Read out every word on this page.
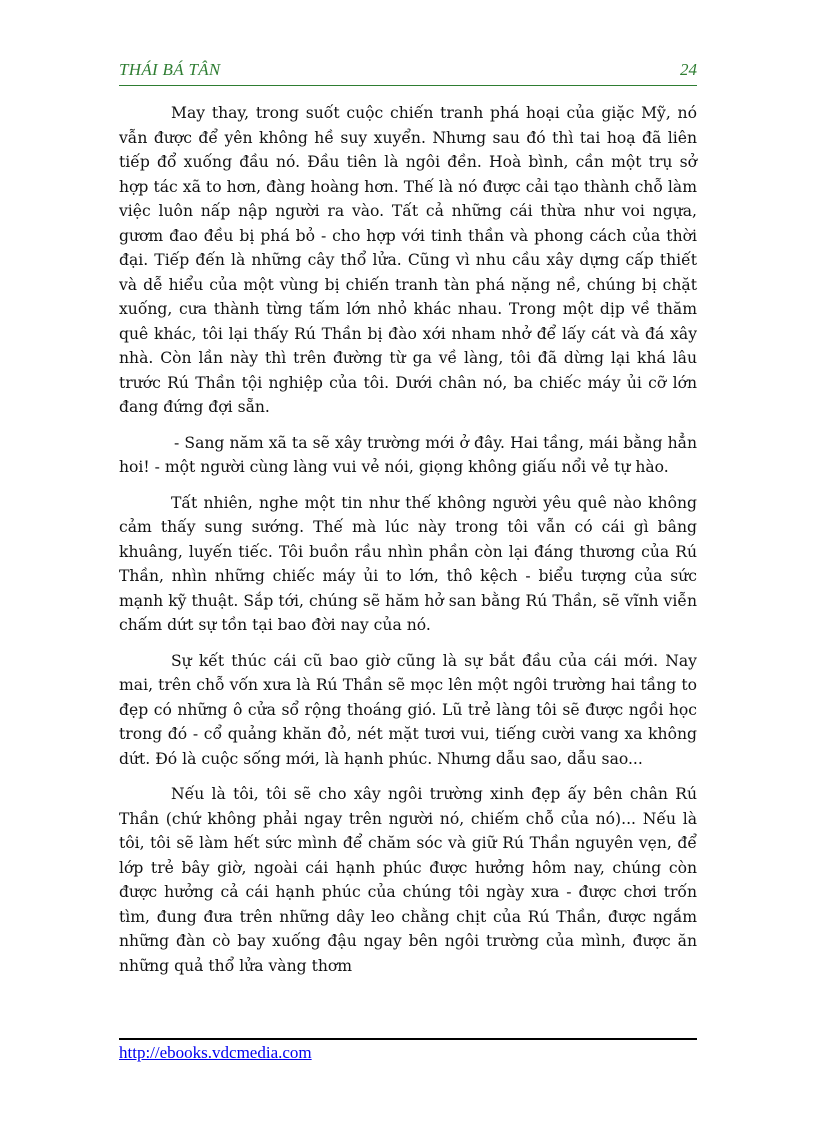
THÁI BÁ TÂN	24

May thay, trong suốt cuộc chiến tranh phá hoại của giặc Mỹ, nó vẫn được để yên không hề suy xuyển. Nhưng sau đó thì tai hoạ đã liên tiếp đổ xuống đầu nó. Đầu tiên là ngôi đền. Hoà bình, cần một trụ sở hợp tác xã to hơn, đàng hoàng hơn. Thế là nó được cải tạo thành chỗ làm việc luôn nấp nập người ra vào. Tất cả những cái thừa như voi ngựa, gươm đao đều bị phá bỏ - cho hợp với tinh thần và phong cách của thời đại. Tiếp đến là những cây thổ lửa. Cũng vì nhu cầu xây dựng cấp thiết và dễ hiểu của một vùng bị chiến tranh tàn phá nặng nề, chúng bị chặt xuống, cưa thành từng tấm lớn nhỏ khác nhau. Trong một dịp về thăm quê khác, tôi lại thấy Rú Thần bị đào xới nham nhở để lấy cát và đá xây nhà. Còn lần này thì trên đường từ ga về làng, tôi đã dừng lại khá lâu trước Rú Thần tội nghiệp của tôi. Dưới chân nó, ba chiếc máy ủi cỡ lớn đang đứng đợi sẵn.

- Sang năm xã ta sẽ xây trường mới ở đây. Hai tầng, mái bằng hẳn hoi! - một người cùng làng vui vẻ nói, giọng không giấu nổi vẻ tự hào.

Tất nhiên, nghe một tin như thế không người yêu quê nào không cảm thấy sung sướng. Thế mà lúc này trong tôi vẫn có cái gì bâng khuâng, luyến tiếc. Tôi buồn rầu nhìn phần còn lại đáng thương của Rú Thần, nhìn những chiếc máy ủi to lớn, thô kệch - biểu tượng của sức mạnh kỹ thuật. Sắp tới, chúng sẽ hăm hở san bằng Rú Thần, sẽ vĩnh viễn chấm dứt sự tồn tại bao đời nay của nó.

Sự kết thúc cái cũ bao giờ cũng là sự bắt đầu của cái mới. Nay mai, trên chỗ vốn xưa là Rú Thần sẽ mọc lên một ngôi trường hai tầng to đẹp có những ô cửa sổ rộng thoáng gió. Lũ trẻ làng tôi sẽ được ngồi học trong đó - cổ quảng khăn đỏ, nét mặt tươi vui, tiếng cười vang xa không dứt. Đó là cuộc sống mới, là hạnh phúc. Nhưng dẫu sao, dẫu sao...

Nếu là tôi, tôi sẽ cho xây ngôi trường xinh đẹp ấy bên chân Rú Thần (chứ không phải ngay trên người nó, chiếm chỗ của nó)... Nếu là tôi, tôi sẽ làm hết sức mình để chăm sóc và giữ Rú Thần nguyên vẹn, để lớp trẻ bây giờ, ngoài cái hạnh phúc được hưởng hôm nay, chúng còn được hưởng cả cái hạnh phúc của chúng tôi ngày xưa - được chơi trốn tìm, đung đưa trên những dây leo chằng chịt của Rú Thần, được ngắm những đàn cò bay xuống đậu ngay bên ngôi trường của mình, được ăn những quả thổ lửa vàng thơm

http://ebooks.vdcmedia.com
